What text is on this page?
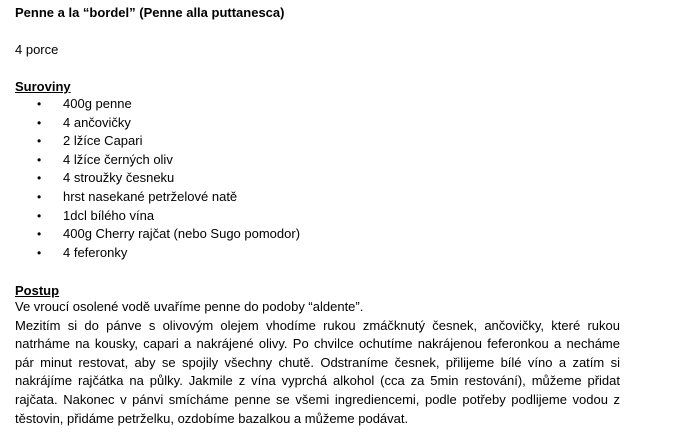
Penne a la “bordel” (Penne alla puttanesca)
4 porce
Suroviny
• 400g penne
• 4 ančovičky
• 2 lžíce Capari
• 4 lžíce černých oliv
• 4 stroužky česneku
• hrst nasekané petrželové natě
• 1dcl bílého vína
• 400g Cherry rajčat (nebo Sugo pomodor)
• 4 feferonky
Postup

Ve vroucí osolené vodě uvaříme penne do podoby “aldente”.

Mezitím si do pánve s olivovým olejem vhodíme rukou zmáčknutý česnek, ančovičky, které rukou natrháme na kousky, capari a nakrájené olivy. Po chvilce ochutíme nakrájenou feferonkou a necháme pár minut restovat, aby se spojily všechny chutě. Odstraníme česnek, přilijeme bílé víno a zatím si nakrájíme rajčátka na půlky. Jakmile z vína vyprchá alkohol (cca za 5min restování), můžeme přidat rajčata. Nakonec v pánvi smícháme penne se všemi ingrediencemi, podle potřeby podlijeme vodou z těstovin, přidáme petrželku, ozdobíme bazalkou a můžeme podávat.
